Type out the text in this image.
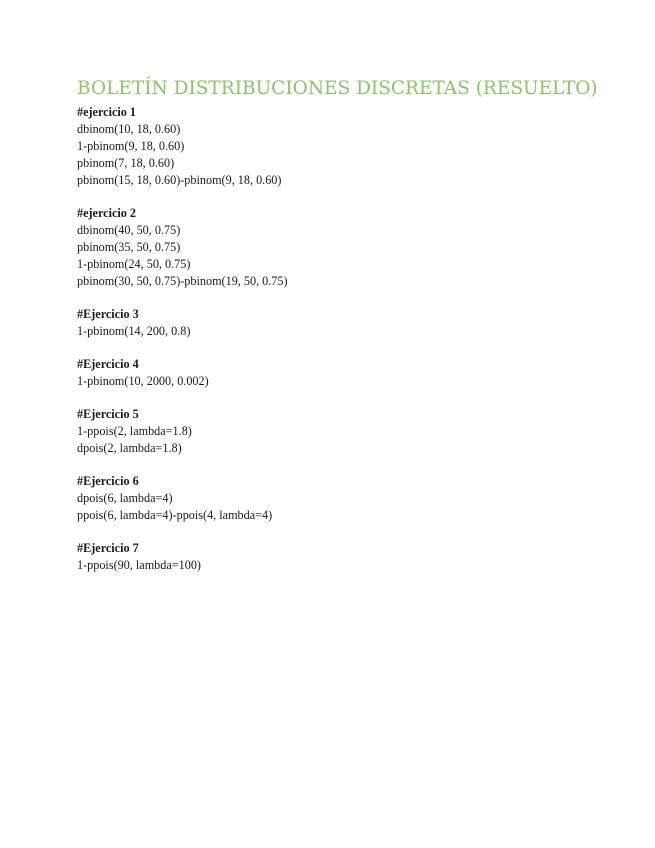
BOLETÍN DISTRIBUCIONES DISCRETAS (RESUELTO)
#ejercicio 1
dbinom(10, 18, 0.60)
1-pbinom(9, 18, 0.60)
pbinom(7, 18, 0.60)
pbinom(15, 18, 0.60)-pbinom(9, 18, 0.60)
#ejercicio 2
dbinom(40, 50, 0.75)
pbinom(35, 50, 0.75)
1-pbinom(24, 50, 0.75)
pbinom(30, 50, 0.75)-pbinom(19, 50, 0.75)
#Ejercicio 3
1-pbinom(14, 200, 0.8)
#Ejercicio 4
1-pbinom(10, 2000, 0.002)
#Ejercicio 5
1-ppois(2, lambda=1.8)
dpois(2, lambda=1.8)
#Ejercicio 6
dpois(6, lambda=4)
ppois(6, lambda=4)-ppois(4, lambda=4)
#Ejercicio 7
1-ppois(90, lambda=100)
